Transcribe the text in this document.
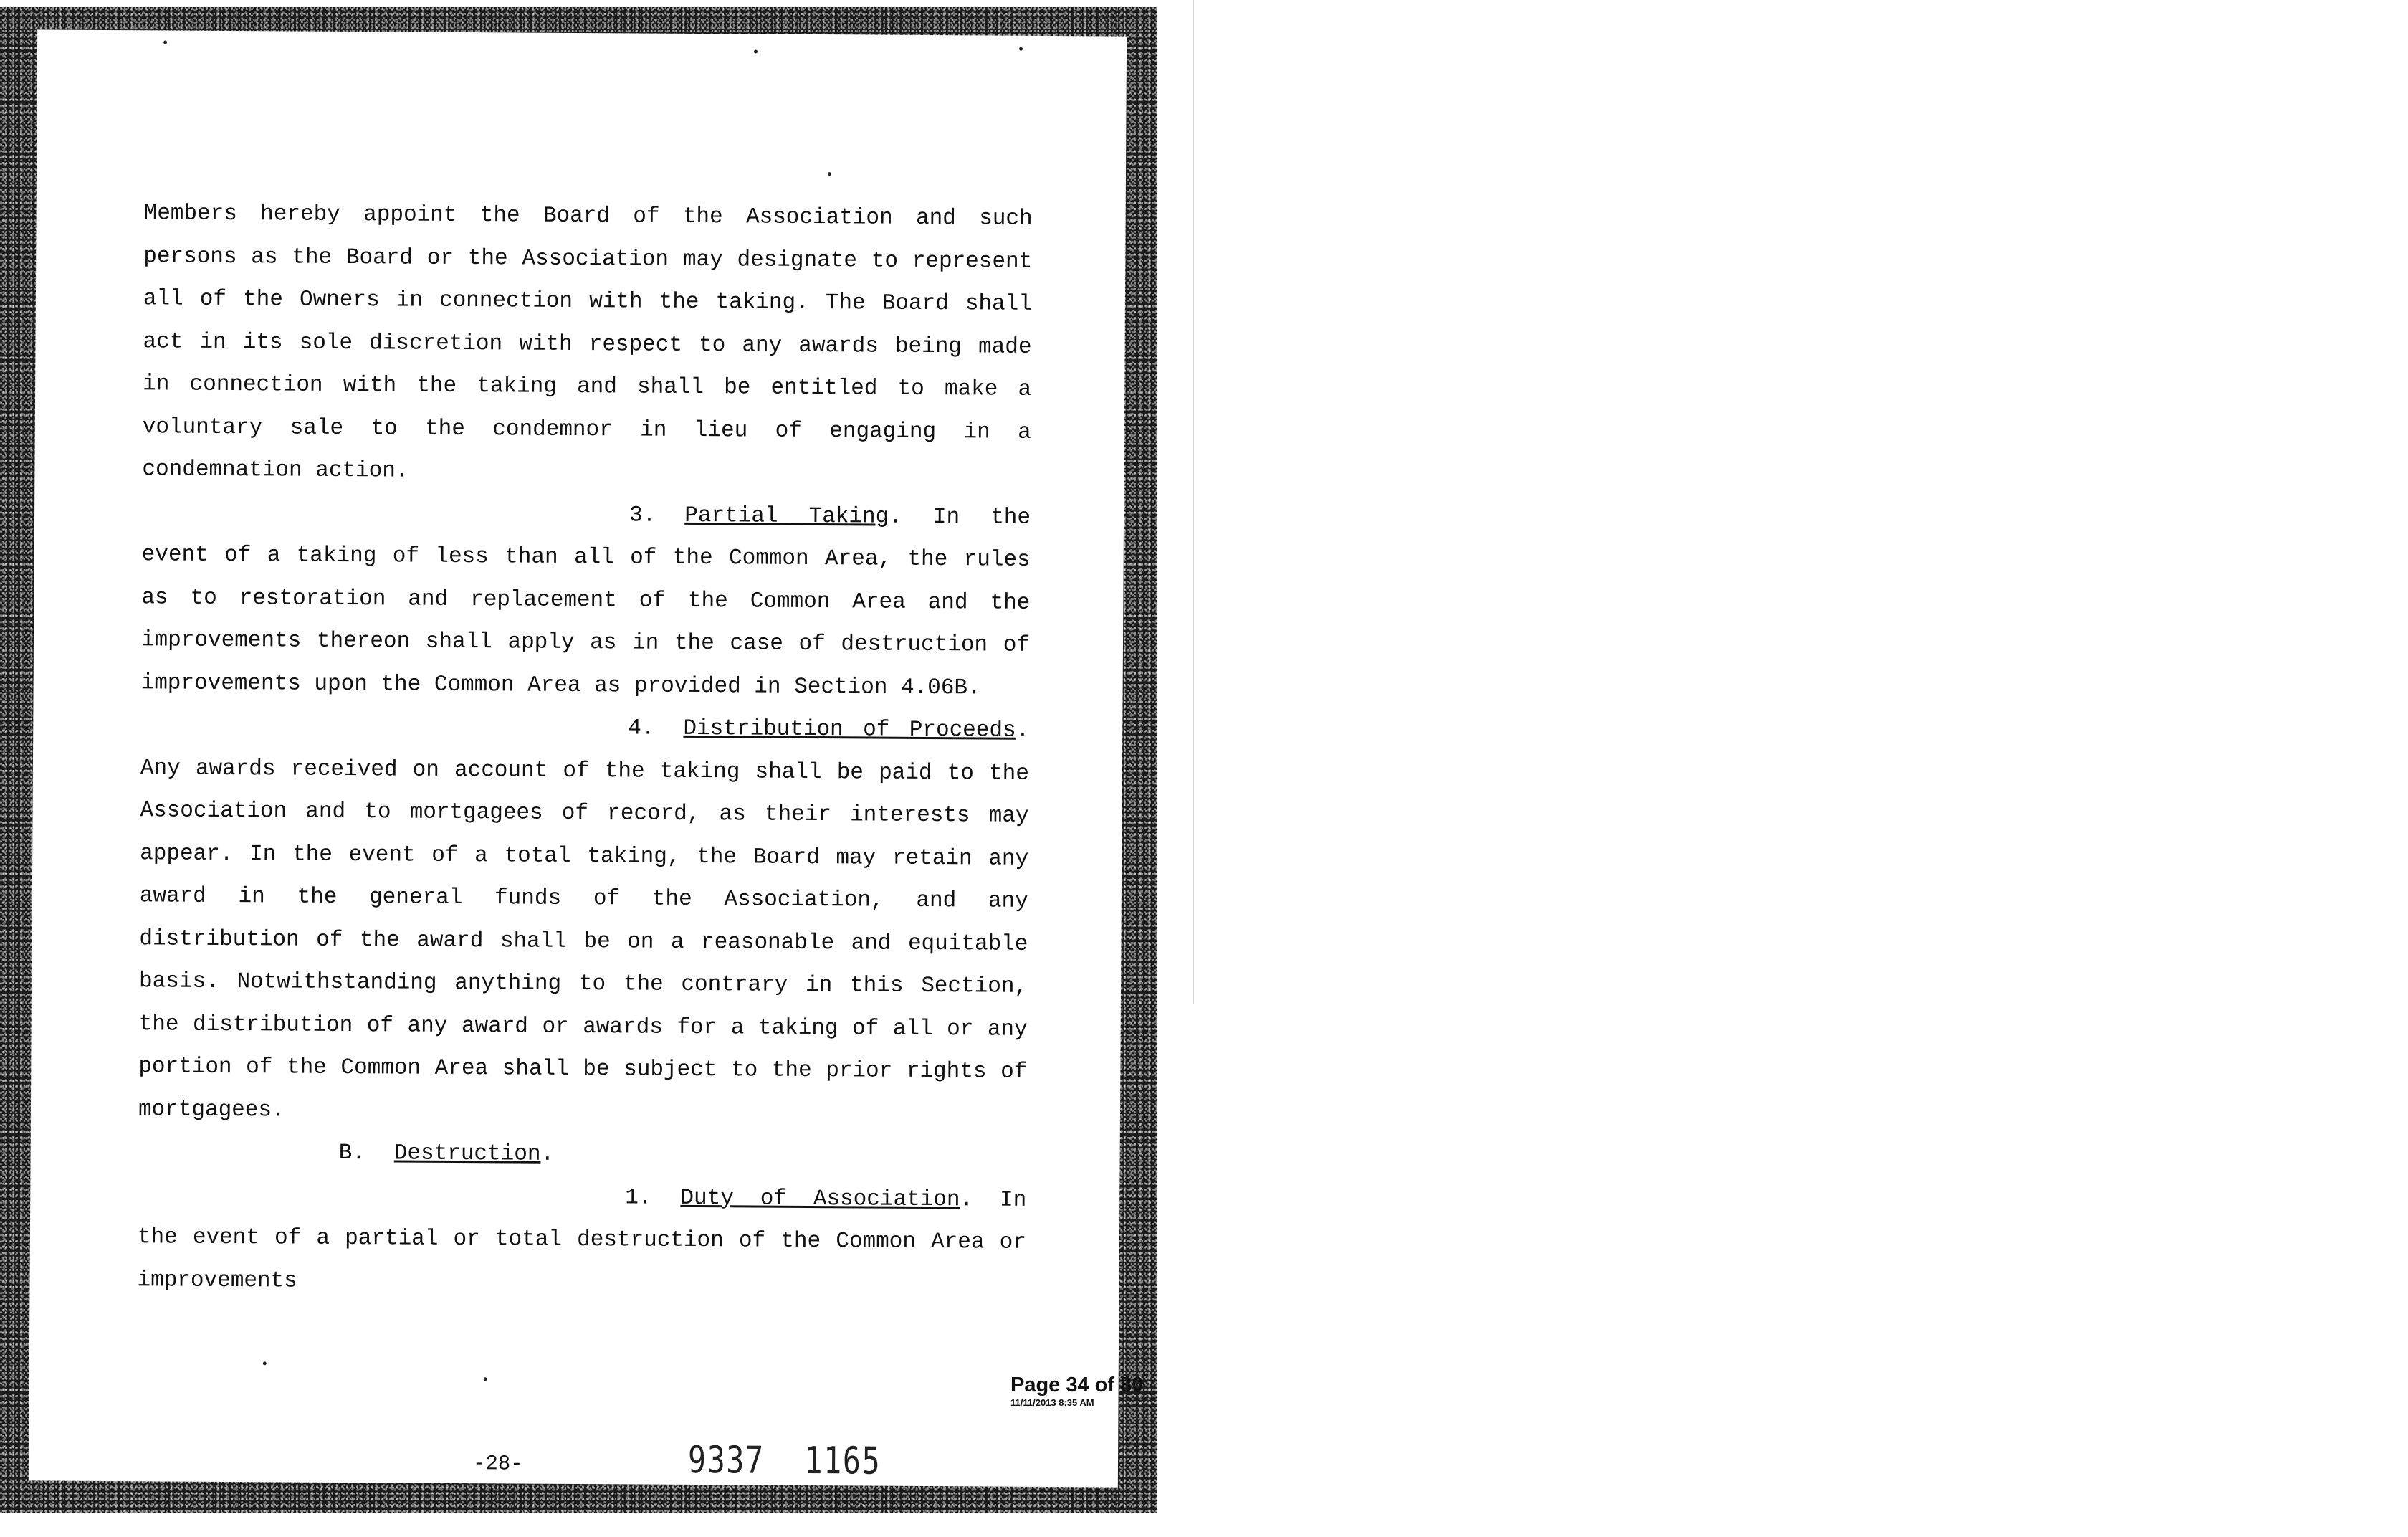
Members hereby appoint the Board of the Association and such persons as the Board or the Association may designate to represent all of the Owners in connection with the taking. The Board shall act in its sole discretion with respect to any awards being made in connection with the taking and shall be entitled to make a voluntary sale to the condemnor in lieu of engaging in a condemnation action.

3. Partial Taking. In the event of a taking of less than all of the Common Area, the rules as to restoration and replacement of the Common Area and the improvements thereon shall apply as in the case of destruction of improvements upon the Common Area as provided in Section 4.06B.

4. Distribution of Proceeds. Any awards received on account of the taking shall be paid to the Association and to mortgagees of record, as their interests may appear. In the event of a total taking, the Board may retain any award in the general funds of the Association, and any distribution of the award shall be on a reasonable and equitable basis. Notwithstanding anything to the contrary in this Section, the distribution of any award or awards for a taking of all or any portion of the Common Area shall be subject to the prior rights of mortgagees.

B. Destruction.

1. Duty of Association. In the event of a partial or total destruction of the Common Area or improvements

-28-	9337 1165
Page 34 of 80
11/11/2013 8:35 AM
